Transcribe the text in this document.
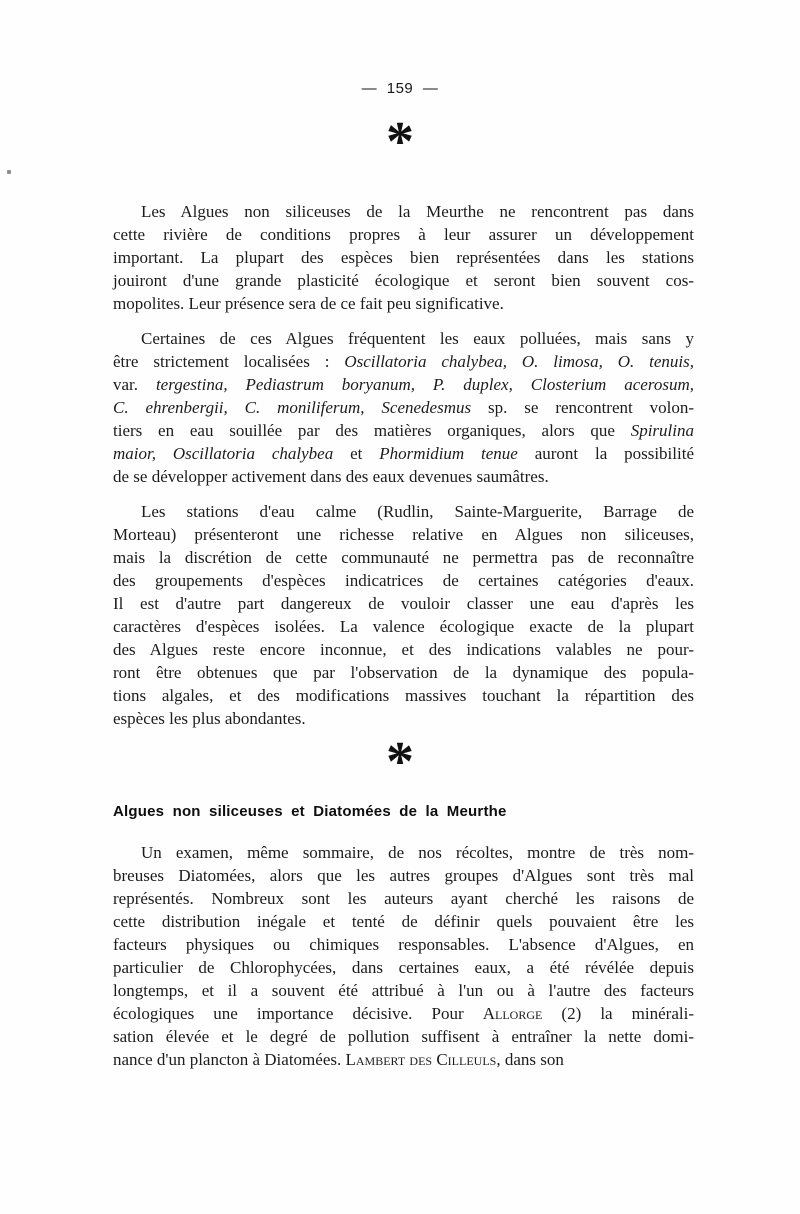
— 159 —
*
Les Algues non siliceuses de la Meurthe ne rencontrent pas dans
cette rivière de conditions propres à leur assurer un développement
important. La plupart des espèces bien représentées dans les stations
jouiront d'une grande plasticité écologique et seront bien souvent cos-
mopolites. Leur présence sera de ce fait peu significative.
Certaines de ces Algues fréquentent les eaux polluées, mais sans y
être strictement localisées : Oscillatoria chalybea, O. limosa, O. tenuis,
var. tergestina, Pediastrum boryanum, P. duplex, Closterium acerosum,
C. ehrenbergii, C. moniliferum, Scenedesmus sp. se rencontrent volon-
tiers en eau souillée par des matières organiques, alors que Spirulina
maior, Oscillatoria chalybea et Phormidium tenue auront la possibilité
de se développer activement dans des eaux devenues saumâtres.
Les stations d'eau calme (Rudlin, Sainte-Marguerite, Barrage de
Morteau) présenteront une richesse relative en Algues non siliceuses,
mais la discrétion de cette communauté ne permettra pas de reconnaître
des groupements d'espèces indicatrices de certaines catégories d'eaux.
Il est d'autre part dangereux de vouloir classer une eau d'après les
caractères d'espèces isolées. La valence écologique exacte de la plupart
des Algues reste encore inconnue, et des indications valables ne pour-
ront être obtenues que par l'observation de la dynamique des popula-
tions algales, et des modifications massives touchant la répartition des
espèces les plus abondantes.
*
Algues non siliceuses et Diatomées de la Meurthe
Un examen, même sommaire, de nos récoltes, montre de très nom-
breuses Diatomées, alors que les autres groupes d'Algues sont très mal
représentés. Nombreux sont les auteurs ayant cherché les raisons de
cette distribution inégale et tenté de définir quels pouvaient être les
facteurs physiques ou chimiques responsables. L'absence d'Algues, en
particulier de Chlorophycées, dans certaines eaux, a été révélée depuis
longtemps, et il a souvent été attribué à l'un ou à l'autre des facteurs
écologiques une importance décisive. Pour Allorge (2) la minérali-
sation élevée et le degré de pollution suffisent à entraîner la nette domi-
nance d'un plancton à Diatomées. Lambert des Cilleuls, dans son
